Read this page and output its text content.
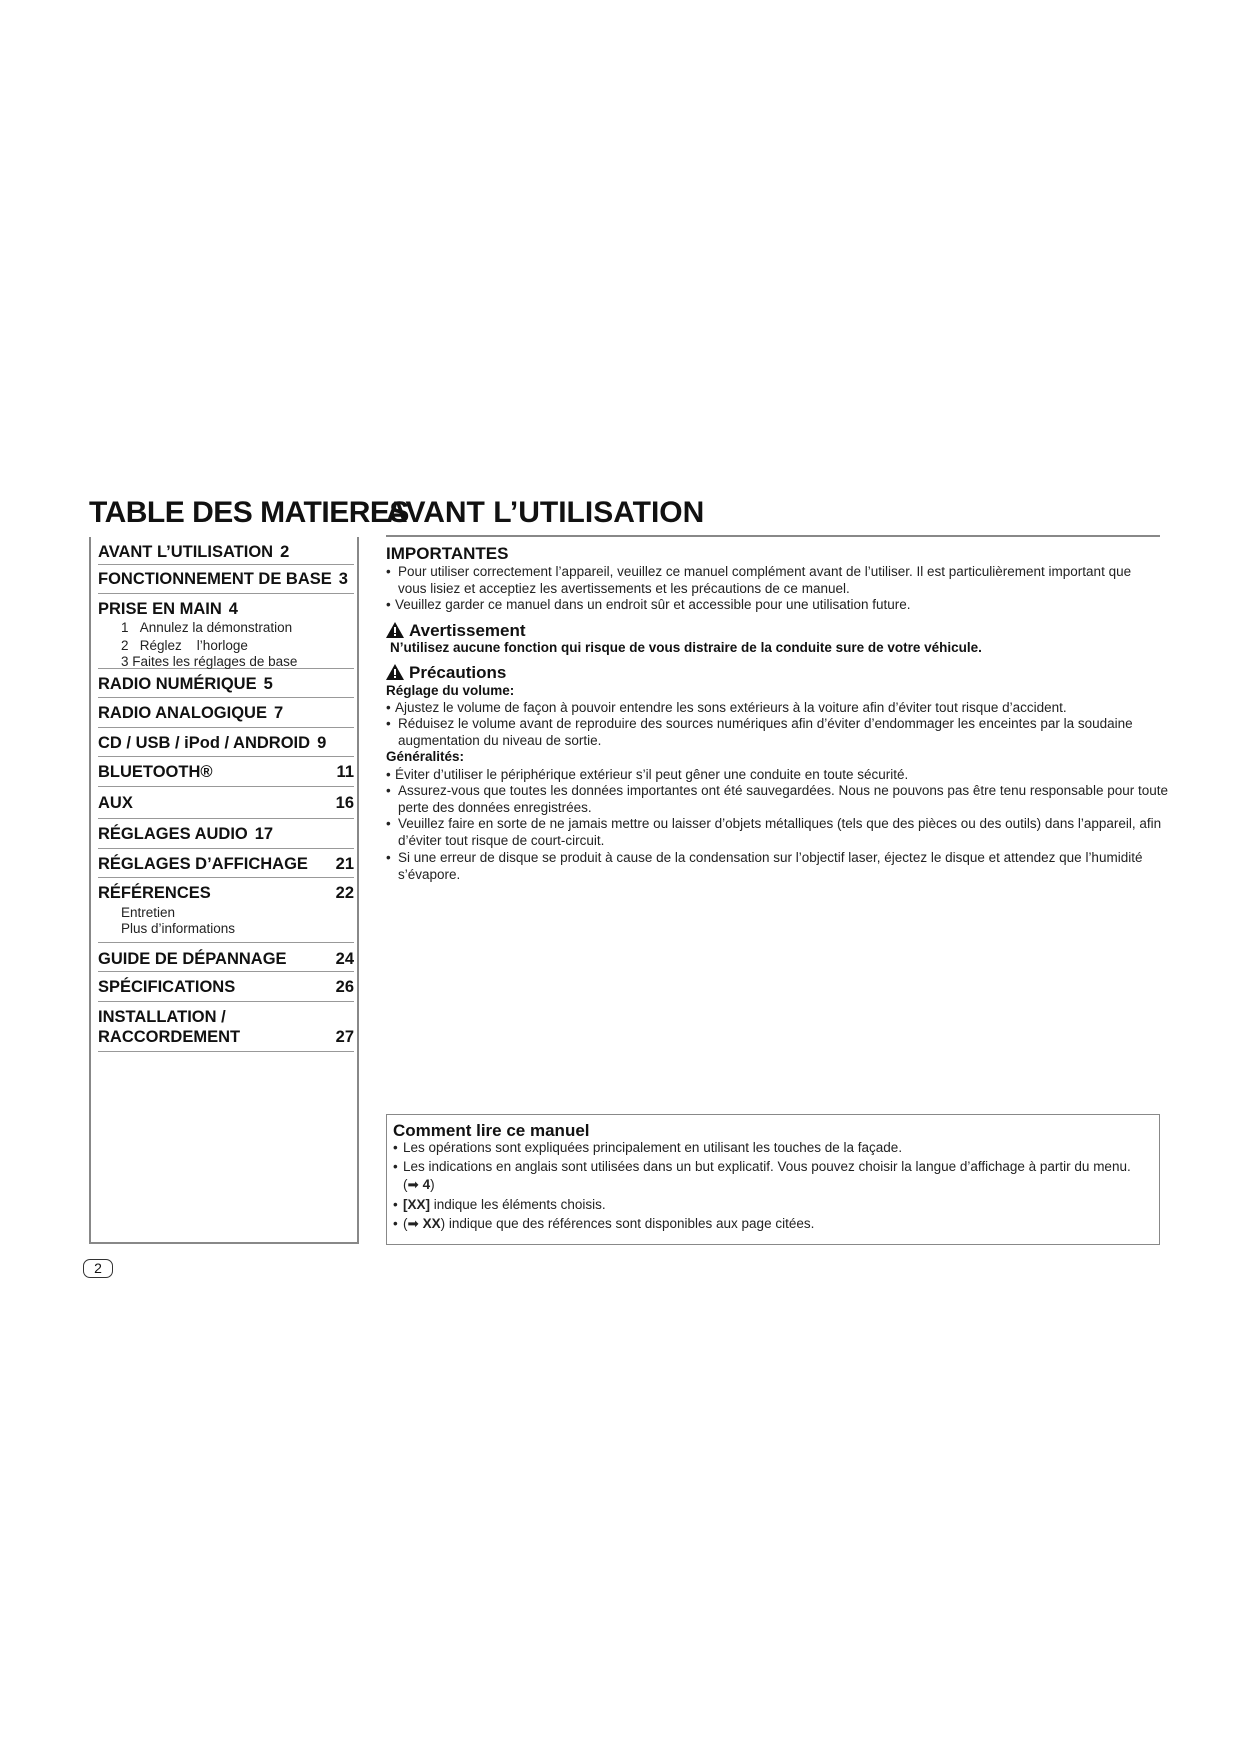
TABLE DES MATIERES
AVANT L’UTILISATION
AVANT L’UTILISATION 2
FONCTIONNEMENT DE BASE 3
PRISE EN MAIN 4
1 Annulez la démonstration
2 Réglez    l’horloge
3 Faites les réglages de base
RADIO NUMÉRIQUE 5
RADIO ANALOGIQUE 7
CD / USB / iPod / ANDROID 9
BLUETOOTH®	11
AUX	16
RÉGLAGES AUDIO 17
RÉGLAGES D’AFFICHAGE 21
RÉFÉRENCES	22
Entretien
Plus d’informations
GUIDE DE DÉPANNAGE	24
SPÉCIFICATIONS	26
INSTALLATION /
RACCORDEMENT	27
IMPORTANTES
• Pour utiliser correctement l’appareil, veuillez ce manuel complément avant de l’utiliser. Il est particulièrement important que
vous lisiez et acceptiez les avertissements et les précautions de ce manuel.
• Veuillez garder ce manuel dans un endroit sûr et accessible pour une utilisation future.
Avertissement
N’utilisez aucune fonction qui risque de vous distraire de la conduite sure de votre véhicule.
Précautions
Réglage du volume:
• Ajustez le volume de façon à pouvoir entendre les sons extérieurs à la voiture afin d’éviter tout risque d’accident.
• Réduisez le volume avant de reproduire des sources numériques afin d’éviter d’endommager les enceintes par la soudaine
augmentation du niveau de sortie.
Généralités:
• Éviter d’utiliser le périphérique extérieur s’il peut gêner une conduite en toute sécurité.
• Assurez-vous que toutes les données importantes ont été sauvegardées. Nous ne pouvons pas être tenu responsable pour toute
perte des données enregistrées.
• Veuillez faire en sorte de ne jamais mettre ou laisser d’objets métalliques (tels que des pièces ou des outils) dans l’appareil, afin
d’éviter tout risque de court-circuit.
• Si une erreur de disque se produit à cause de la condensation sur l’objectif laser, éjectez le disque et attendez que l’humidité
s’évapore.
Comment lire ce manuel
• Les opérations sont expliquées principalement en utilisant les touches de la façade.
• Les indications en anglais sont utilisées dans un but explicatif. Vous pouvez choisir la langue d’affichage à partir du menu.
(➡ 4)
• [XX] indique les éléments choisis.
• (➡ XX) indique que des références sont disponibles aux page citées.
2
